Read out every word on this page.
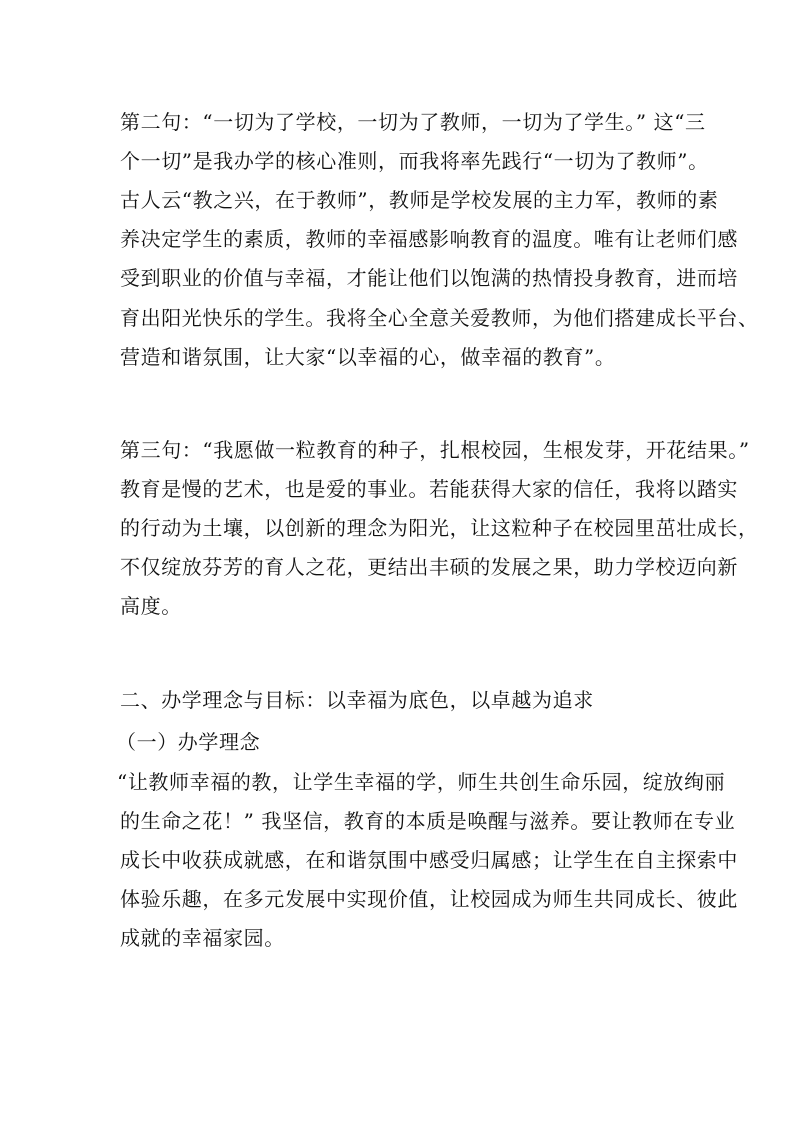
第二句：“一切为了学校，一切为了教师，一切为了学生。” 这“三
个一切”是我办学的核心准则，而我将率先践行“一切为了教师”。
古人云“教之兴，在于教师”，教师是学校发展的主力军，教师的素
养决定学生的素质，教师的幸福感影响教育的温度。唯有让老师们感
受到职业的价值与幸福，才能让他们以饱满的热情投身教育，进而培
育出阳光快乐的学生。我将全心全意关爱教师，为他们搭建成长平台、
营造和谐氛围，让大家“以幸福的心，做幸福的教育”。
第三句：“我愿做一粒教育的种子，扎根校园，生根发芽，开花结果。”
教育是慢的艺术，也是爱的事业。若能获得大家的信任，我将以踏实
的行动为土壤，以创新的理念为阳光，让这粒种子在校园里茁壮成长，
不仅绽放芬芳的育人之花，更结出丰硕的发展之果，助力学校迈向新
高度。
二、办学理念与目标：以幸福为底色，以卓越为追求
（一）办学理念
“让教师幸福的教，让学生幸福的学，师生共创生命乐园，绽放绚丽
的生命之花！” 我坚信，教育的本质是唤醒与滋养。要让教师在专业
成长中收获成就感，在和谐氛围中感受归属感；让学生在自主探索中
体验乐趣，在多元发展中实现价值，让校园成为师生共同成长、彼此
成就的幸福家园。
